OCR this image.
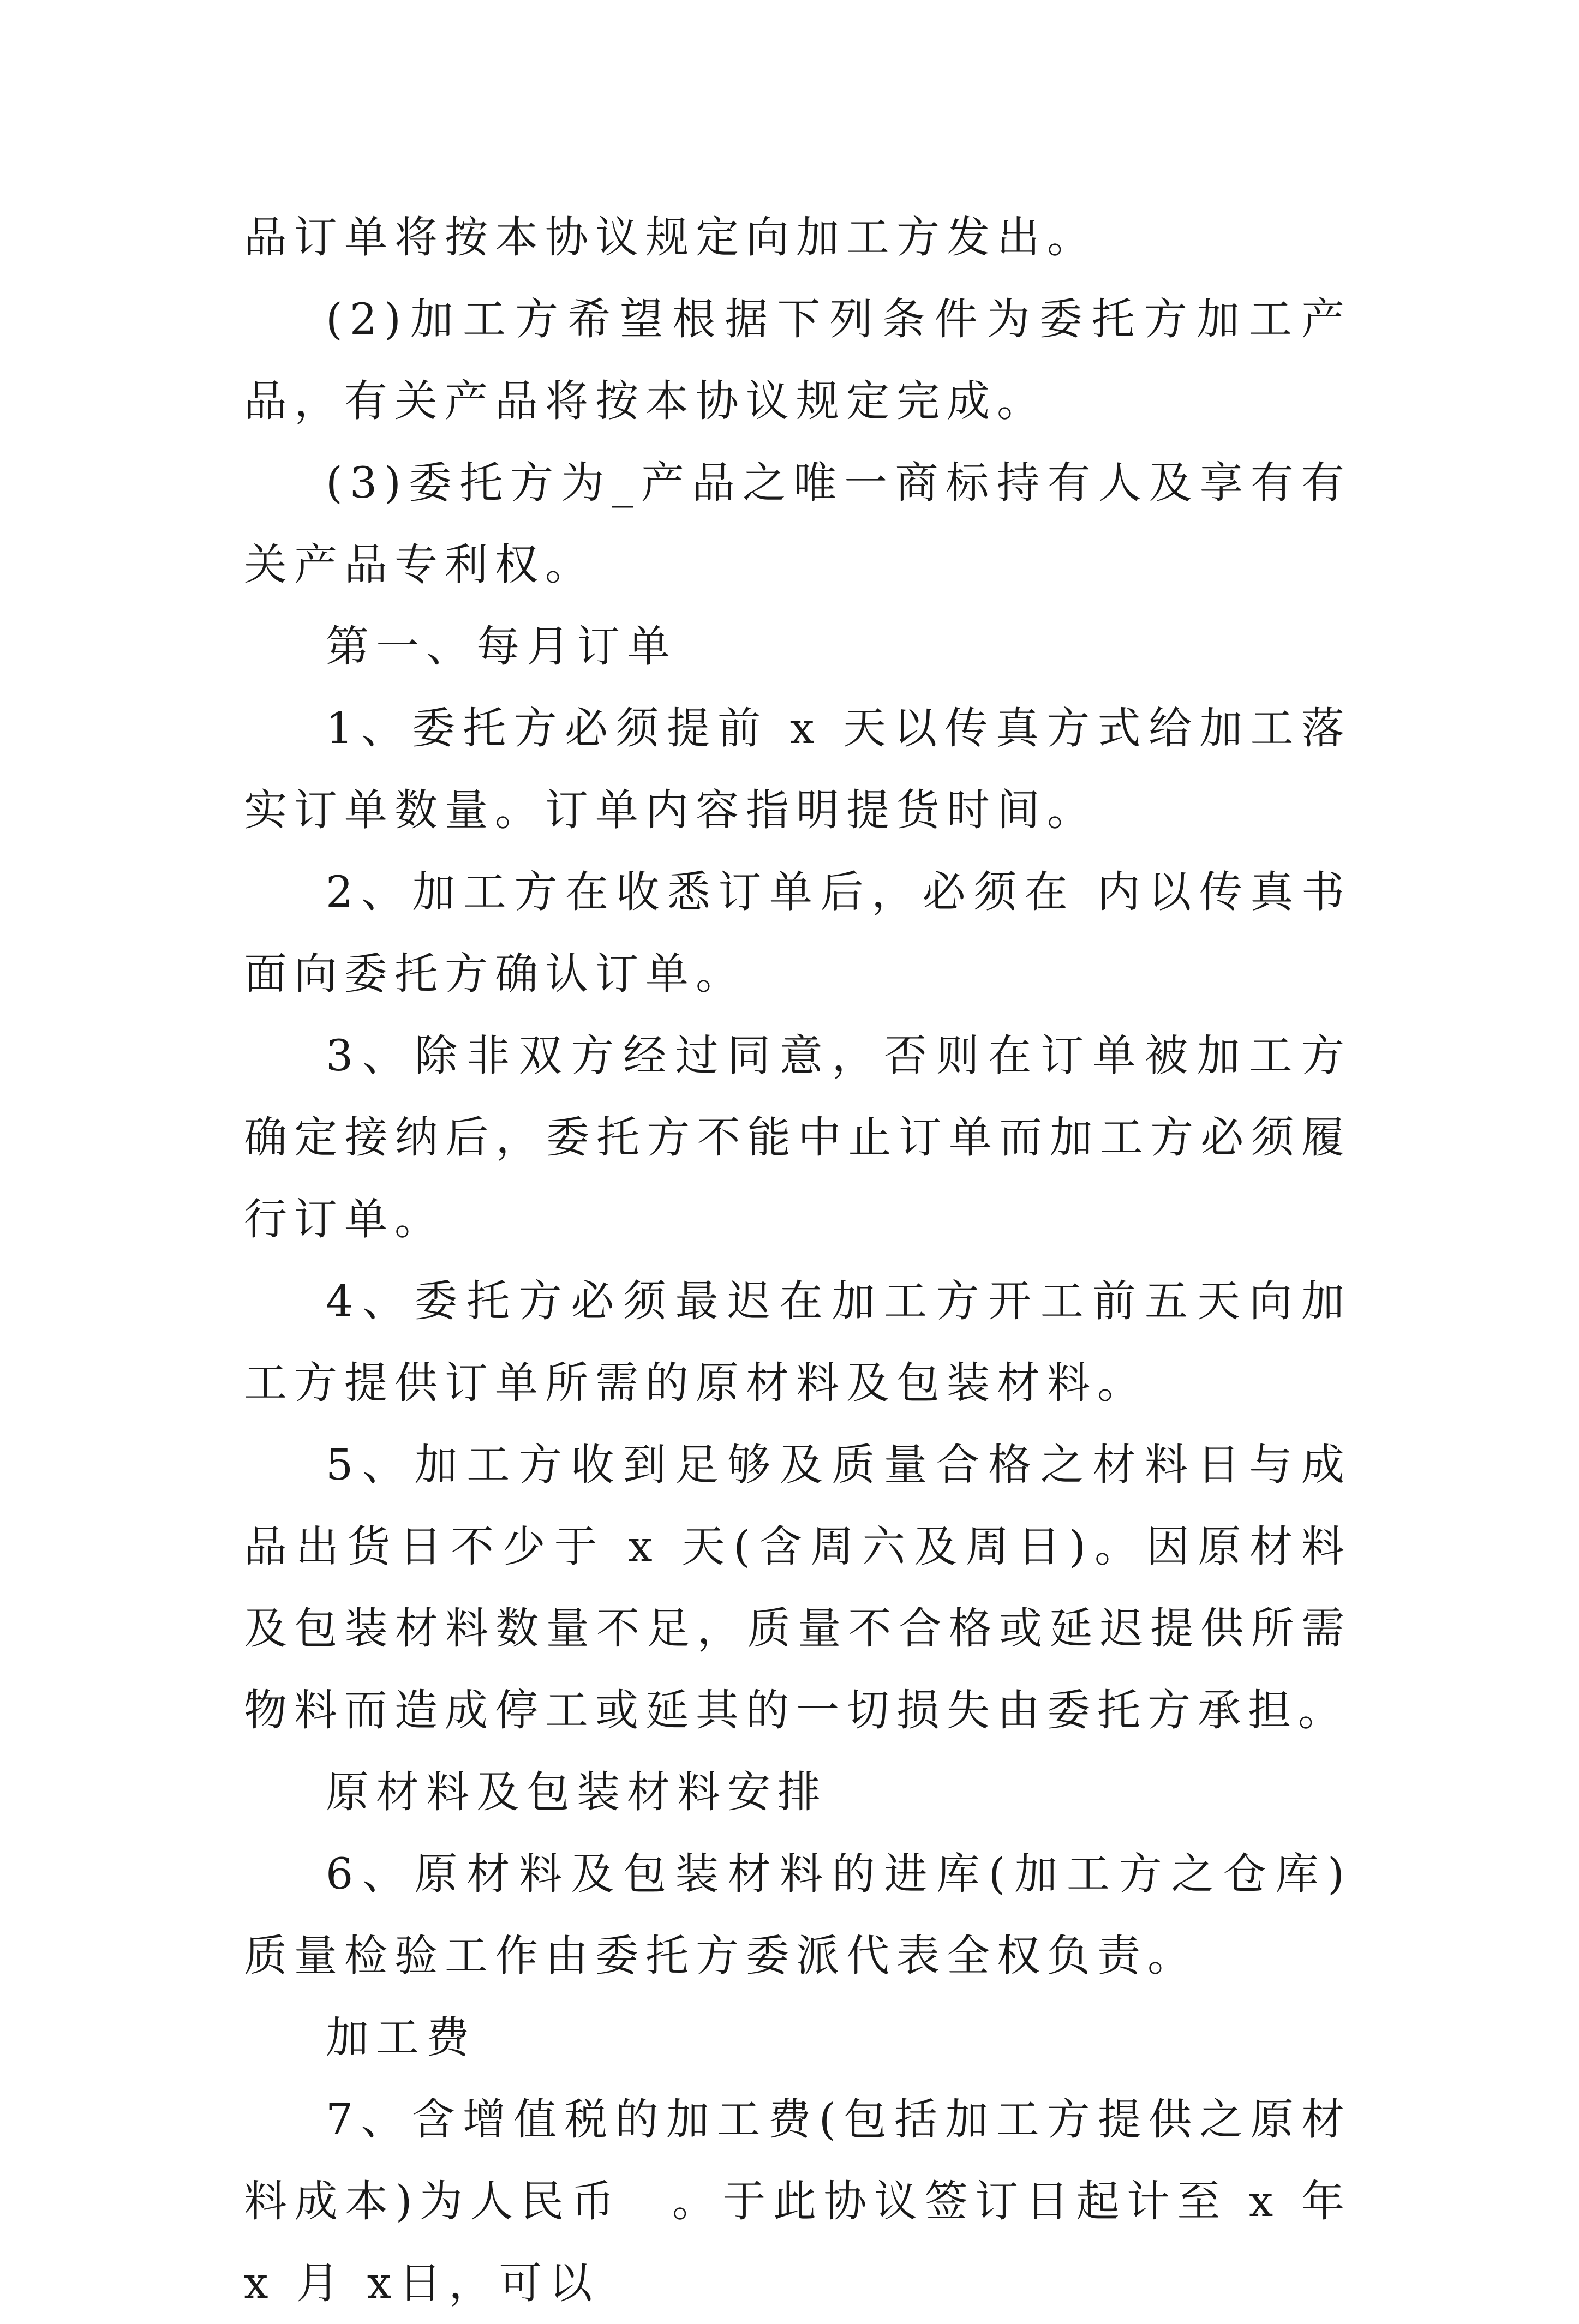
品订单将按本协议规定向加工方发出。

(2)加工方希望根据下列条件为委托方加工产品，有关产品将按本协议规定完成。

(3)委托方为_产品之唯一商标持有人及享有有关产品专利权。

第一、每月订单

1、委托方必须提前 x 天以传真方式给加工落实订单数量。订单内容指明提货时间。

2、加工方在收悉订单后，必须在 内以传真书面向委托方确认订单。

3、除非双方经过同意，否则在订单被加工方确定接纳后，委托方不能中止订单而加工方必须履行订单。

4、委托方必须最迟在加工方开工前五天向加工方提供订单所需的原材料及包装材料。

5、加工方收到足够及质量合格之材料日与成品出货日不少于 x 天(含周六及周日)。因原材料及包装材料数量不足，质量不合格或延迟提供所需物料而造成停工或延其的一切损失由委托方承担。

原材料及包装材料安排

6、原材料及包装材料的进库(加工方之仓库)质量检验工作由委托方委派代表全权负责。

加工费

7、含增值税的加工费(包括加工方提供之原材料成本)为人民币　。于此协议签订日起计至 x 年 x 月 x日，可以
